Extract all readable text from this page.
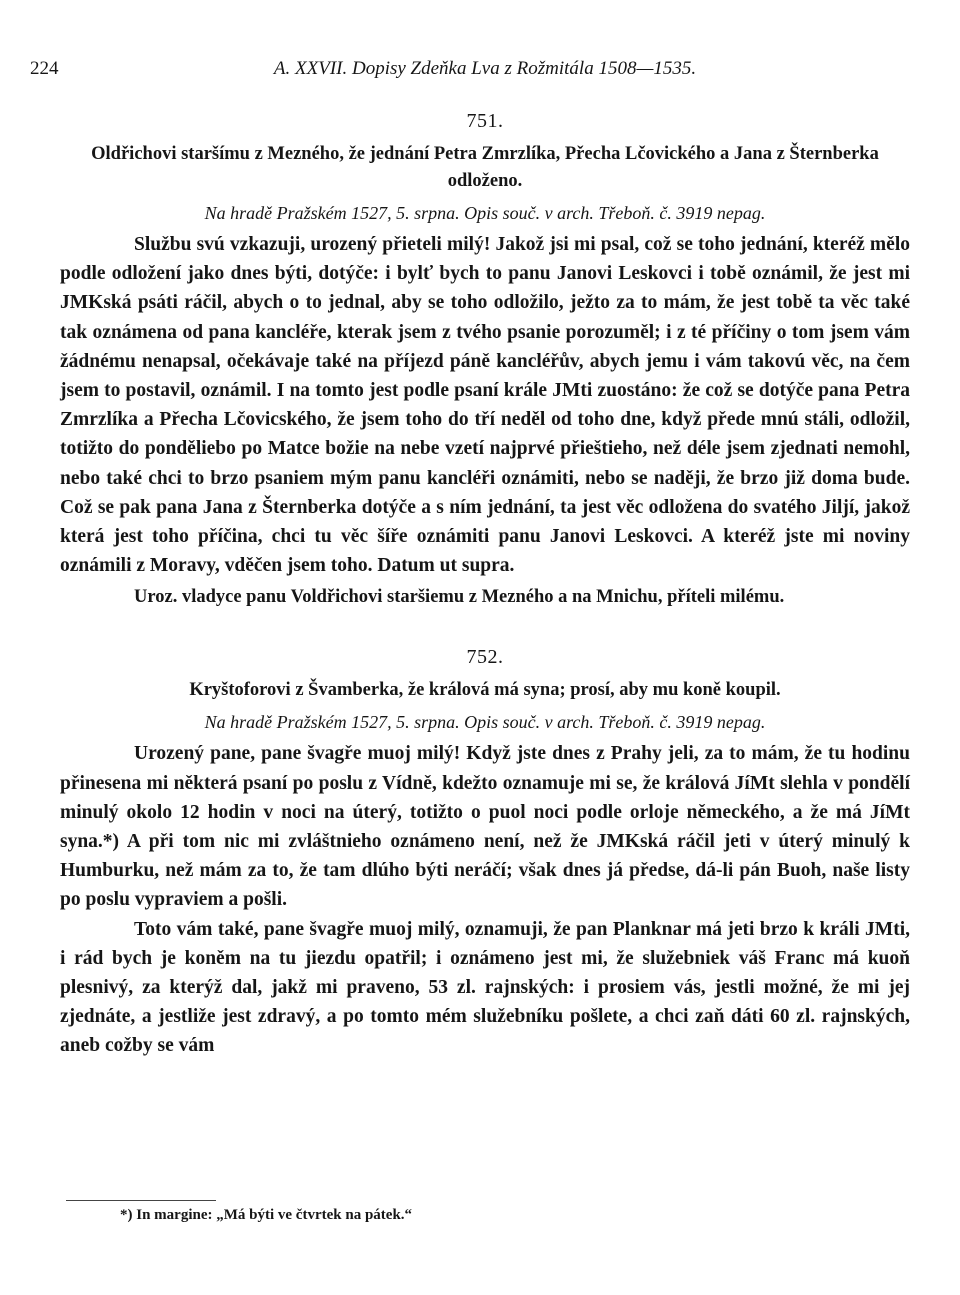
224	A. XXVII. Dopisy Zdeňka Lva z Rožmitála 1508—1535.
751.
Oldřichovi staršímu z Mezného, že jednání Petra Zmrzlíka, Přecha Lčovického a Jana z Šternberka odloženo.
Na hradě Pražském 1527, 5. srpna. Opis souč. v arch. Třeboň. č. 3919 nepag.

Službu svú vzkazuji, urozený přieteli milý! Jakož jsi mi psal, což se toho jednání, kteréž mělo podle odložení jako dnes býti, dotýče: i bylť bych to panu Janovi Leskovci i tobě oznámil, že jest mi JMKská psáti ráčil, abych o to jednal, aby se toho odložilo, ježto za to mám, že jest tobě ta věc také tak oznámena od pana kancléře, kterak jsem z tvého psanie porozuměl; i z té příčiny o tom jsem vám žádnému nenapsal, očekávaje také na příjezd páně kancléřův, abych jemu i vám takovú věc, na čem jsem to postavil, oznámil. I na tomto jest podle psaní krále JMti zuostáno: že což se dotýče pana Petra Zmrzlíka a Přecha Lčovicského, že jsem toho do tří neděl od toho dne, když přede mnú stáli, odložil, totižto do ponděliebo po Matce božie na nebe vzetí najprvé přieštieho, než déle jsem zjednati nemohl, nebo také chci to brzo psaniem mým panu kancléři oznámiti, nebo se naději, že brzo již doma bude. Což se pak pana Jana z Šternberka dotýče a s ním jednání, ta jest věc odložena do svatého Jiljí, jakož která jest toho příčina, chci tu věc šíře oznámiti panu Janovi Leskovci. A kteréž jste mi noviny oznámili z Moravy, vděčen jsem toho. Datum ut supra.

Uroz. vladyce panu Voldřichovi staršiemu z Mezného a na Mnichu, příteli milému.
752.
Kryštoforovi z Švamberka, že králová má syna; prosí, aby mu koně koupil.
Na hradě Pražském 1527, 5. srpna. Opis souč. v arch. Třeboň. č. 3919 nepag.

Urozený pane, pane švagře muoj milý! Když jste dnes z Prahy jeli, za to mám, že tu hodinu přinesena mi některá psaní po poslu z Vídně, kdežto oznamuje mi se, že králová JíMt slehla v pondělí minulý okolo 12 hodin v noci na úterý, totižto o puol noci podle orloje německého, a že má JíMt syna.*) A při tom nic mi zvláštnieho oznámeno není, než že JMKská ráčil jeti v úterý minulý k Humburku, než mám za to, že tam dlúho býti neráčí; však dnes já předse, dá-li pán Buoh, naše listy po poslu vypraviem a pošli.

Toto vám také, pane švagře muoj milý, oznamuji, že pan Planknar má jeti brzo k králi JMti, i rád bych je koněm na tu jiezdu opatřil; i oznámeno jest mi, že služebniek váš Franc má kuoň plesnivý, za kterýž dal, jakž mi praveno, 53 zl. rajnských: i prosiem vás, jestli možné, že mi jej zjednáte, a jestliže jest zdravý, a po tomto mém služebníku pošlete, a chci zaň dáti 60 zl. rajnských, aneb cožby se vám

*) In margine: „Má býti ve čtvrtek na pátek.“
